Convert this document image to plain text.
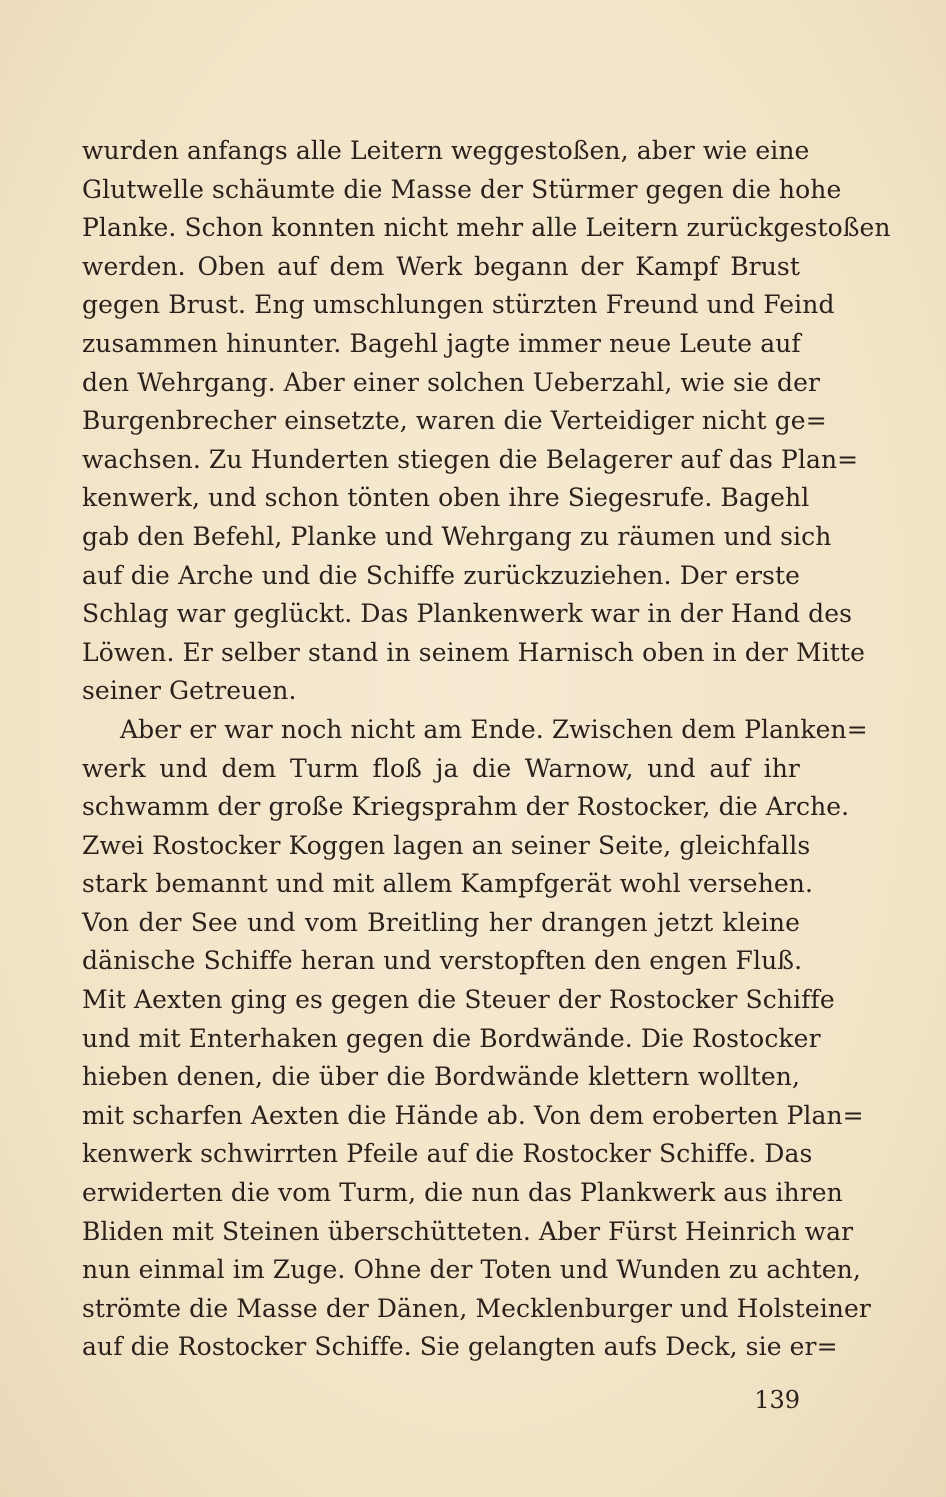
wurden anfangs alle Leitern weggestoßen, aber wie eine
Glutwelle schäumte die Masse der Stürmer gegen die hohe
Planke. Schon konnten nicht mehr alle Leitern zurückgestoßen
werden. Oben auf dem Werk begann der Kampf Brust
gegen Brust. Eng umschlungen stürzten Freund und Feind
zusammen hinunter. Bagehl jagte immer neue Leute auf
den Wehrgang. Aber einer solchen Ueberzahl, wie sie der
Burgenbrecher einsetzte, waren die Verteidiger nicht ge=
wachsen. Zu Hunderten stiegen die Belagerer auf das Plan=
kenwerk, und schon tönten oben ihre Siegesrufe. Bagehl
gab den Befehl, Planke und Wehrgang zu räumen und sich
auf die Arche und die Schiffe zurückzuziehen. Der erste
Schlag war geglückt. Das Plankenwerk war in der Hand des
Löwen. Er selber stand in seinem Harnisch oben in der Mitte
seiner Getreuen.

Aber er war noch nicht am Ende. Zwischen dem Planken=
werk und dem Turm floß ja die Warnow, und auf ihr
schwamm der große Kriegsprahm der Rostocker, die Arche.
Zwei Rostocker Koggen lagen an seiner Seite, gleichfalls
stark bemannt und mit allem Kampfgerät wohl versehen.
Von der See und vom Breitling her drangen jetzt kleine
dänische Schiffe heran und verstopften den engen Fluß.
Mit Aexten ging es gegen die Steuer der Rostocker Schiffe
und mit Enterhaken gegen die Bordwände. Die Rostocker
hieben denen, die über die Bordwände klettern wollten,
mit scharfen Aexten die Hände ab. Von dem eroberten Plan=
kenwerk schwirrten Pfeile auf die Rostocker Schiffe. Das
erwiderten die vom Turm, die nun das Plankwerk aus ihren
Bliden mit Steinen überschütteten. Aber Fürst Heinrich war
nun einmal im Zuge. Ohne der Toten und Wunden zu achten,
strömte die Masse der Dänen, Mecklenburger und Holsteiner
auf die Rostocker Schiffe. Sie gelangten aufs Deck, sie er=

139
